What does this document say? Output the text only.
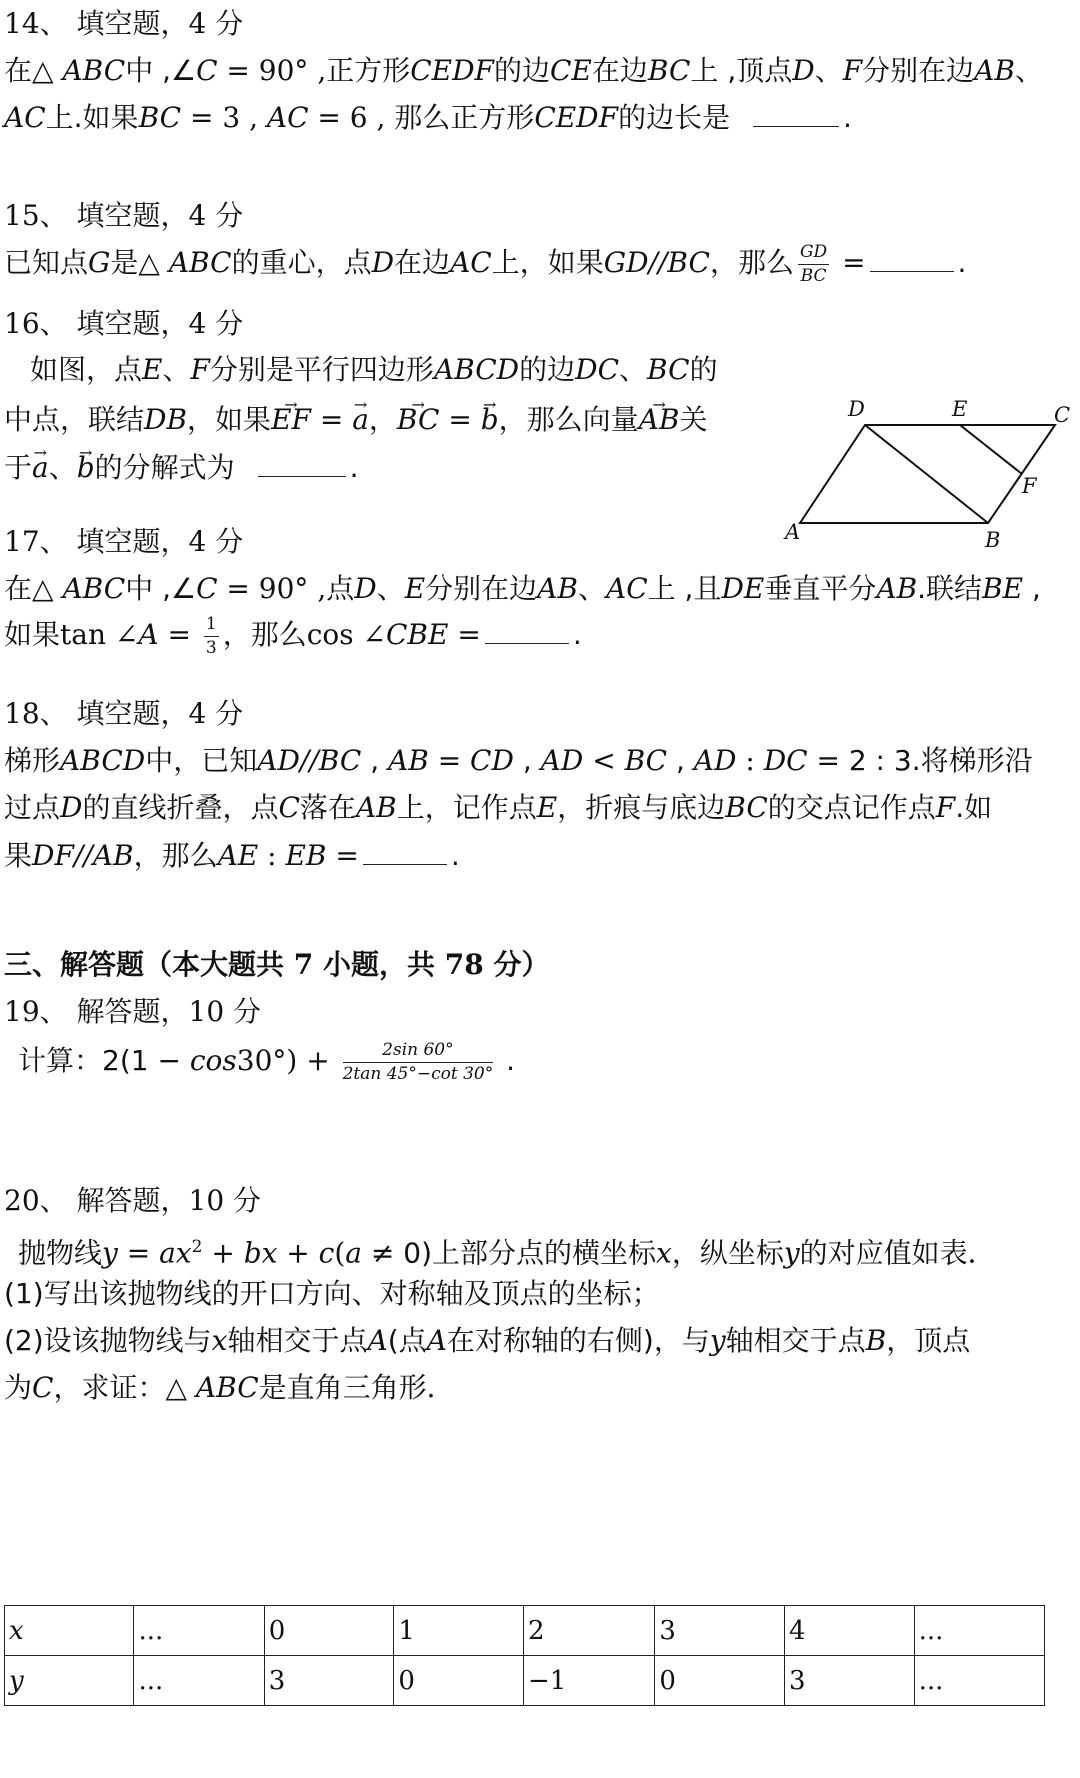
14、 填空题，4 分
在△ ABC中 ,∠C = 90° ,正方形CEDF的边CE在边BC上 ,顶点D、F分别在边AB、
AC上.如果BC = 3 , AC = 6 , 那么正方形CEDF的边长是	.
15、 填空题，4 分
已知点G是△ ABC的重心，点D在边AC上，如果GD//BC，那么 $\frac{GD}{BC}$ =	.
16、 填空题，4 分
如图，点E、F分别是平行四边形ABCD的边DC、BC的
中点，联结DB，如果→ EF = → a，→ BC = → b，那么向量→ AB关
于→ a、→ b的分解式为	.
D	E	C
F
A	B
17、 填空题，4 分
在△ ABC中 ,∠C = 90° ,点D、E分别在边AB、AC上 ,且DE垂直平分AB.联结BE ,
如果tan ∠A = $\frac{1}{3}$ ，那么cos ∠CBE =	.
18、 填空题，4 分
梯形ABCD中，已知AD//BC , AB = CD , AD < BC , AD : DC = 2 : 3.将梯形沿
过点D的直线折叠，点C落在AB上，记作点E，折痕与底边BC的交点记作点F.如
果DF//AB，那么AE : EB =	.
三、解答题（本大题共 7 小题，共 78 分）
19、 解答题，10 分
计算：$2(1 - \cos 30^\circ) + \frac{2\sin 60^\circ}{2\tan 45^\circ-\cot 30^\circ}$ .
20、 解答题，10 分
抛物线$y = ax^2$ + bx + c(a ≠ 0)上部分点的横坐标x，纵坐标y的对应值如表．
(1)写出该抛物线的开口方向、对称轴及顶点的坐标；
(2)设该抛物线与x轴相交于点A(点A在对称轴的右侧)，与y轴相交于点B，顶点
为C，求证：△ ABC是直角三角形．
x	...	0	1	2	3	4	...
y	...	3	0	−1	0	3	...
